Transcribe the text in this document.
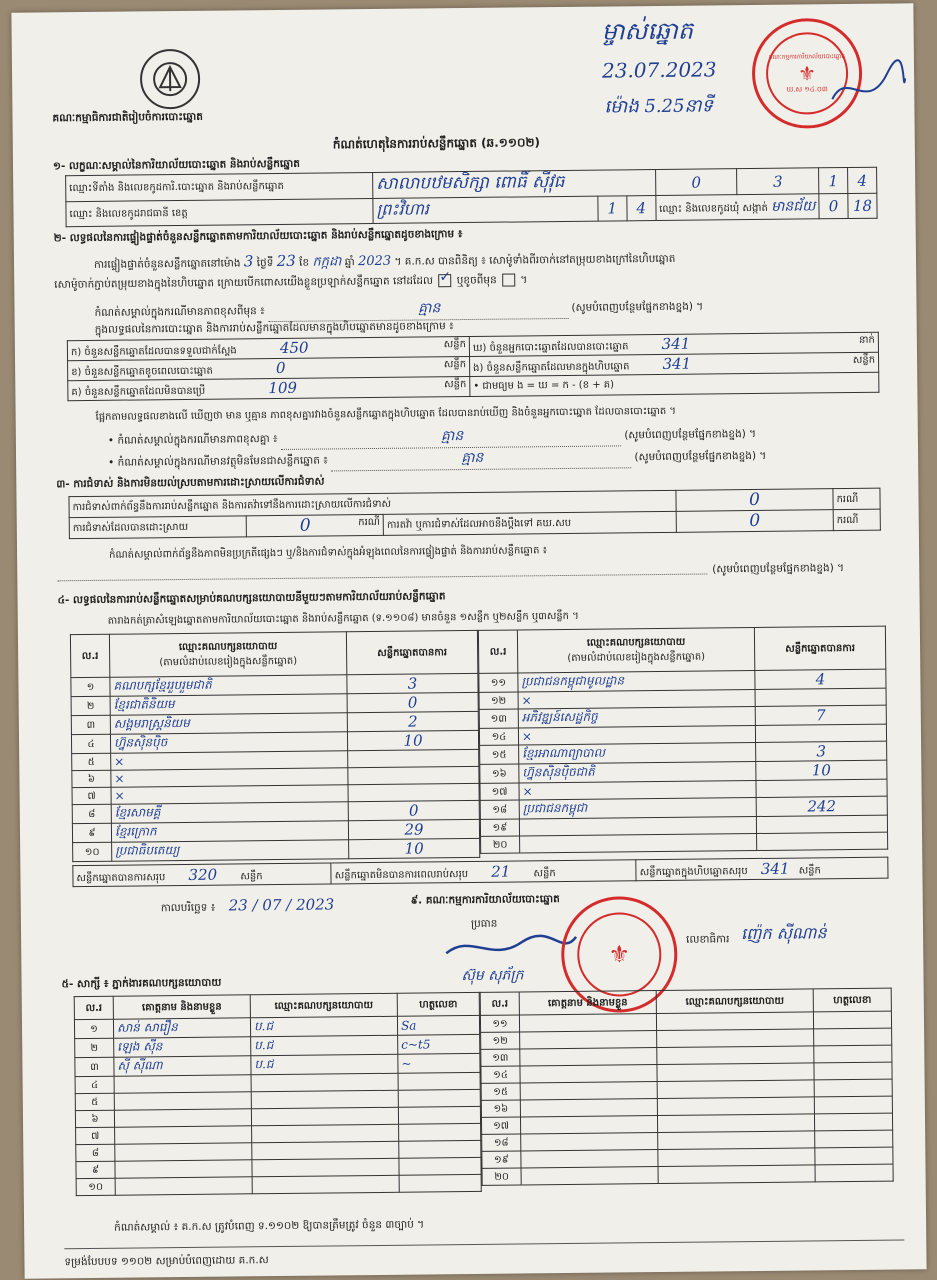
គណៈកម្មាធិការជាតិរៀបចំការបោះឆ្នោត
កំណត់ហេតុនៃការរាប់សន្លឹកឆ្នោត (ឆ.១១០២)
ម្ចាស់ឆ្នោត
23.07.2023
ម៉ោង 5.25នាទី
គណៈកម្មការការិយាល័យបោះឆ្នោត
⚜
ឃ.ស ១៤.០៣
១- លក្ខណៈសម្គាល់នៃការិយាល័យបោះឆ្នោត និងរាប់សន្លឹកឆ្នោត
ឈ្មោះទីតាំង និងលេខកូដការិ.បោះឆ្នោត និងរាប់សន្លឹកឆ្នោត	សាលាបឋមសិក្សា ពោធិ៍ ស៊ីវុធ			0	3	1	4
ឈ្មោះ និងលេខកូដរាជធានី ខេត្ត	ព្រះវិហារ	1	4	ឈ្មោះ និងលេខកូដឃុំ សង្កាត់ មានជ័យ		0	18
២- លទ្ធផលនៃការផ្ទៀងផ្ទាត់ចំនួនសន្លឹកឆ្នោតតាមការិយាល័យបោះឆ្នោត និងរាប់សន្លឹកឆ្នោតដូចខាងក្រោម ៖
ការផ្ទៀងផ្ទាត់ចំនួនសន្លឹកឆ្នោតនៅម៉ោង 3 ថ្ងៃទី 23 ខែ កក្កដា ឆ្នាំ 2023 ។ គ.ក.ស បានពិនិត្យ ៖ សោម៉ូទាំងពីរចាក់នៅតម្រុយខាងក្រៅនៃហិបឆ្នោត
សោម៉ូចាក់ភ្ជាប់តម្រុយខាងក្នុងនៃហិបឆ្នោត ក្រោយបើកពោសយើងខ្លួនប្រឡាក់សន្លឹកឆ្នោត នៅដដែល ✓ ឬខូចពីមុន  ។
កំណត់សម្គាល់ក្នុងករណីមានភាពខុសពីមុន ៖	គ្មាន	(សូមបំពេញបន្ថែមផ្នែកខាងខ្នង) ។
ក្នុងលទ្ធផលនៃការបោះឆ្នោត និងការរាប់សន្លឹកឆ្នោតដែលមានក្នុងហិបឆ្នោតមានដូចខាងក្រោម ៖
ក) ចំនួនសន្លឹកឆ្នោតដែលបានទទួលជាក់ស្តែង 450 សន្លឹក	ឃ) ចំនួនអ្នកបោះឆ្នោតដែលបានបោះឆ្នោត 341 នាក់

ខ) ចំនួនសន្លឹកឆ្នោតខូចពេលបោះឆ្នោត 0 សន្លឹក	ង) ចំនួនសន្លឹកឆ្នោតដែលមានក្នុងហិបឆ្នោត 341 សន្លឹក

គ) ចំនួនសន្លឹកឆ្នោតដែលមិនបានប្រើ 109 សន្លឹក	• ជាមធ្យម ង = ឃ = ក - (ខ + គ)
ផ្អែកតាមលទ្ធផលខាងលើ ឃើញថា មាន ឬគ្មាន ភាពខុសគ្នារវាងចំនួនសន្លឹកឆ្នោតក្នុងហិបឆ្នោត ដែលបានរាប់ឃើញ និងចំនួនអ្នកបោះឆ្នោត ដែលបានបោះឆ្នោត ។
• កំណត់សម្គាល់ក្នុងករណីមានភាពខុសគ្នា ៖	គ្មាន	(សូមបំពេញបន្ថែមផ្នែកខាងខ្នង) ។
• កំណត់សម្គាល់ក្នុងករណីមានវត្ថុមិនមែនជាសន្លឹកឆ្នោត ៖	គ្មាន	(សូមបំពេញបន្ថែមផ្នែកខាងខ្នង) ។
៣- ការជំទាស់ និងការមិនយល់ស្របតាមការដោះស្រាយលើការជំទាស់
ការជំទាស់ពាក់ព័ន្ធនឹងការរាប់សន្លឹកឆ្នោត និងការតវ៉ាទៅនឹងការដោះស្រាយលើការជំទាស់			0	ករណី
ការជំទាស់ដែលបានដោះស្រាយ	0 ករណី	ការតវ៉ា ឬការជំទាស់ដែលអាចនឹងប្តឹងទៅ គឃ.សប	0	ករណី
កំណត់សម្គាល់ពាក់ព័ន្ធនឹងភាពមិនប្រក្រតីផ្សេងៗ ឬ/និងការជំទាស់ក្នុងអំឡុងពេលនៃការផ្ទៀងផ្ទាត់ និងការរាប់សន្លឹកឆ្នោត ៖
(សូមបំពេញបន្ថែមផ្នែកខាងខ្នង) ។
៤- លទ្ធផលនៃការរាប់សន្លឹកឆ្នោតសម្រាប់គណបក្សនយោបាយនីមួយៗតាមការិយាល័យរាប់សន្លឹកឆ្នោត
តារាងកត់ត្រាសំឡេងឆ្នោតតាមការិយាល័យបោះឆ្នោត និងរាប់សន្លឹកឆ្នោត (ទ.១១០៨) មានចំនួន ១សន្លឹក ឬ២សន្លឹក ឬ៣សន្លឹក ។
ល.រ	ឈ្មោះគណបក្សនយោបាយ
(តាមលំដាប់លេខរៀងក្នុងសន្លឹកឆ្នោត)	សន្លឹកឆ្នោតបានការ
១	គណបក្សខ្មែររួបរួមជាតិ	3
២	ខ្មែរជាតិនិយម	0
៣	សង្គមរាស្ត្រនិយម	2
៤	ហ្វ៊ុនស៊ិនប៉ិច	10
៥	×	
៦	×	
៧	×	
៨	ខ្មែរសាមគ្គី	0
៩	ខ្មែរក្រោក	29
១០	ប្រជាធិបតេយ្យ	10
ល.រ	ឈ្មោះគណបក្សនយោបាយ
(តាមលំដាប់លេខរៀងក្នុងសន្លឹកឆ្នោត)	សន្លឹកឆ្នោតបានការ
១១	ប្រជាជនកម្ពុជាមូលដ្ឋាន	4
១២	×	
១៣	អភិវឌ្ឍន៍សេដ្ឋកិច្ច	7
១៤	×	
១៥	ខ្មែរអាណាព្យាបាល	3
១៦	ហ្វ៊ុនស៊ិនប៉ិចជាតិ	10
១៧	×	
១៨	ប្រជាជនកម្ពុជា	242
១៩		
២០		
សន្លឹកឆ្នោតបានការសរុប 320 សន្លឹក	សន្លឹកឆ្នោតមិនបានការពេលរាប់សរុប 21 សន្លឹក	សន្លឹកឆ្នោតក្នុងហិបឆ្នោតសរុប 341 សន្លឹក
កាលបរិច្ឆេទ ៖ 23 / 07 / 2023	៩. គណៈកម្មការការិយាល័យបោះឆ្នោត
ប្រធាន
ស៊ុម សុភ័ក្រ
⚜
លេខាធិការ ញ៉េក ស៊ីណាន់
៥- សាក្សី ៖ ភ្នាក់ងារគណបក្សនយោបាយ
ល.រ	គោត្តនាម និងនាមខ្លួន	ឈ្មោះគណបក្សនយោបាយ	ហត្ថលេខា
១	សាន់ សារឿន	ប.ជ	Sa
២	ឡេង ស៊ីន	ប.ជ	c~t5
៣	ស៊ី ស៊ីណា	ប.ជ	~
៤			
៥			
៦			
៧			
៨			
៩			
១០			
ល.រ	គោត្តនាម និងនាមខ្លួន	ឈ្មោះគណបក្សនយោបាយ	ហត្ថលេខា
១១			
១២			
១៣			
១៤			
១៥			
១៦			
១៧			
១៨			
១៩			
២០			
កំណត់សម្គាល់ ៖ គ.ក.ស ត្រូវបំពេញ ទ.១១០២ ឱ្យបានត្រឹមត្រូវ ចំនួន ៣ច្បាប់ ។
ទម្រង់បែបបទ ១១០២ សម្រាប់បំពេញដោយ គ.ក.ស
